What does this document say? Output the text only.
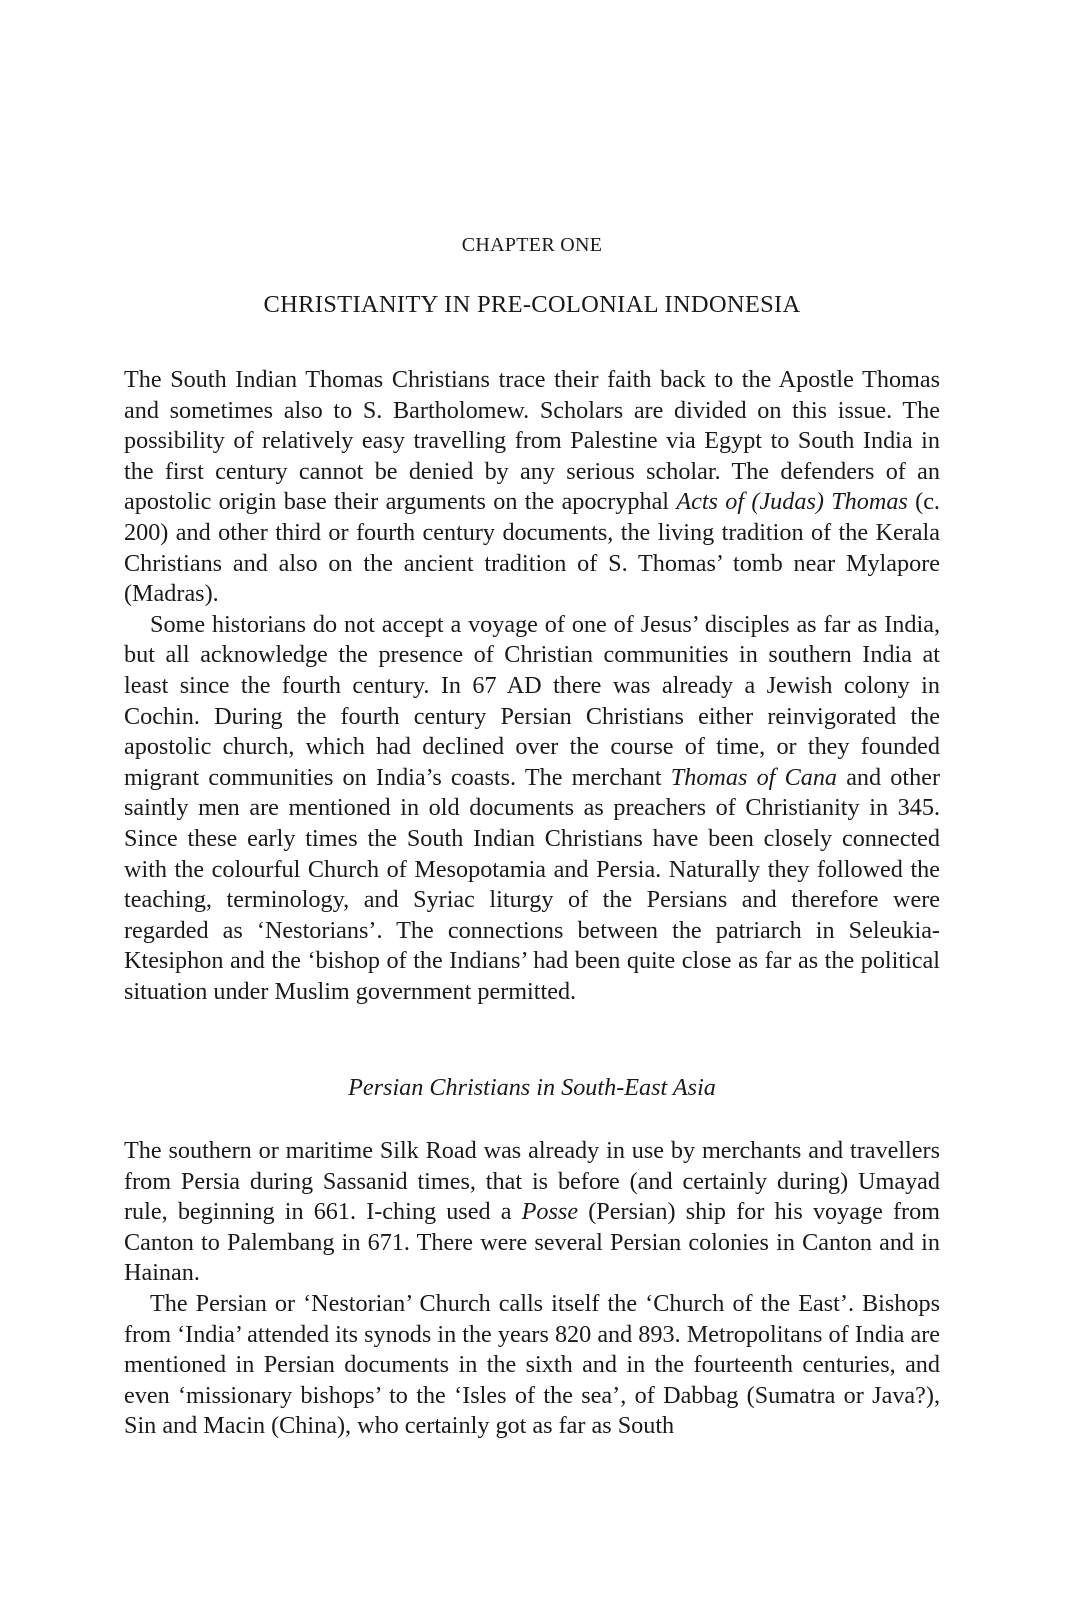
CHAPTER ONE
CHRISTIANITY IN PRE-COLONIAL INDONESIA

The South Indian Thomas Christians trace their faith back to the Apostle Thomas and sometimes also to S. Bartholomew. Scholars are divided on this issue. The possibility of relatively easy travelling from Palestine via Egypt to South India in the first century cannot be denied by any serious scholar. The defenders of an apostolic origin base their arguments on the apocryphal Acts of (Judas) Thomas (c. 200) and other third or fourth century documents, the living tradition of the Kerala Christians and also on the ancient tradition of S. Thomas’ tomb near Mylapore (Madras).

Some historians do not accept a voyage of one of Jesus’ disciples as far as India, but all acknowledge the presence of Christian communities in southern India at least since the fourth century. In 67 AD there was already a Jewish colony in Cochin. During the fourth century Persian Christians either reinvigorated the apostolic church, which had declined over the course of time, or they founded migrant communities on India’s coasts. The merchant Thomas of Cana and other saintly men are mentioned in old documents as preachers of Christianity in 345. Since these early times the South Indian Christians have been closely connected with the colourful Church of Mesopotamia and Persia. Naturally they followed the teaching, terminology, and Syriac liturgy of the Persians and therefore were regarded as ‘Nestorians’. The connections between the patriarch in Seleukia-Ktesiphon and the ‘bishop of the Indians’ had been quite close as far as the political situation under Muslim government permitted.

Persian Christians in South-East Asia

The southern or maritime Silk Road was already in use by merchants and travellers from Persia during Sassanid times, that is before (and certainly during) Umayad rule, beginning in 661. I-ching used a Posse (Persian) ship for his voyage from Canton to Palembang in 671. There were several Persian colonies in Canton and in Hainan.

The Persian or ‘Nestorian’ Church calls itself the ‘Church of the East’. Bishops from ‘India’ attended its synods in the years 820 and 893. Metropolitans of India are mentioned in Persian documents in the sixth and in the fourteenth centuries, and even ‘missionary bishops’ to the ‘Isles of the sea’, of Dabbag (Sumatra or Java?), Sin and Macin (China), who certainly got as far as South
